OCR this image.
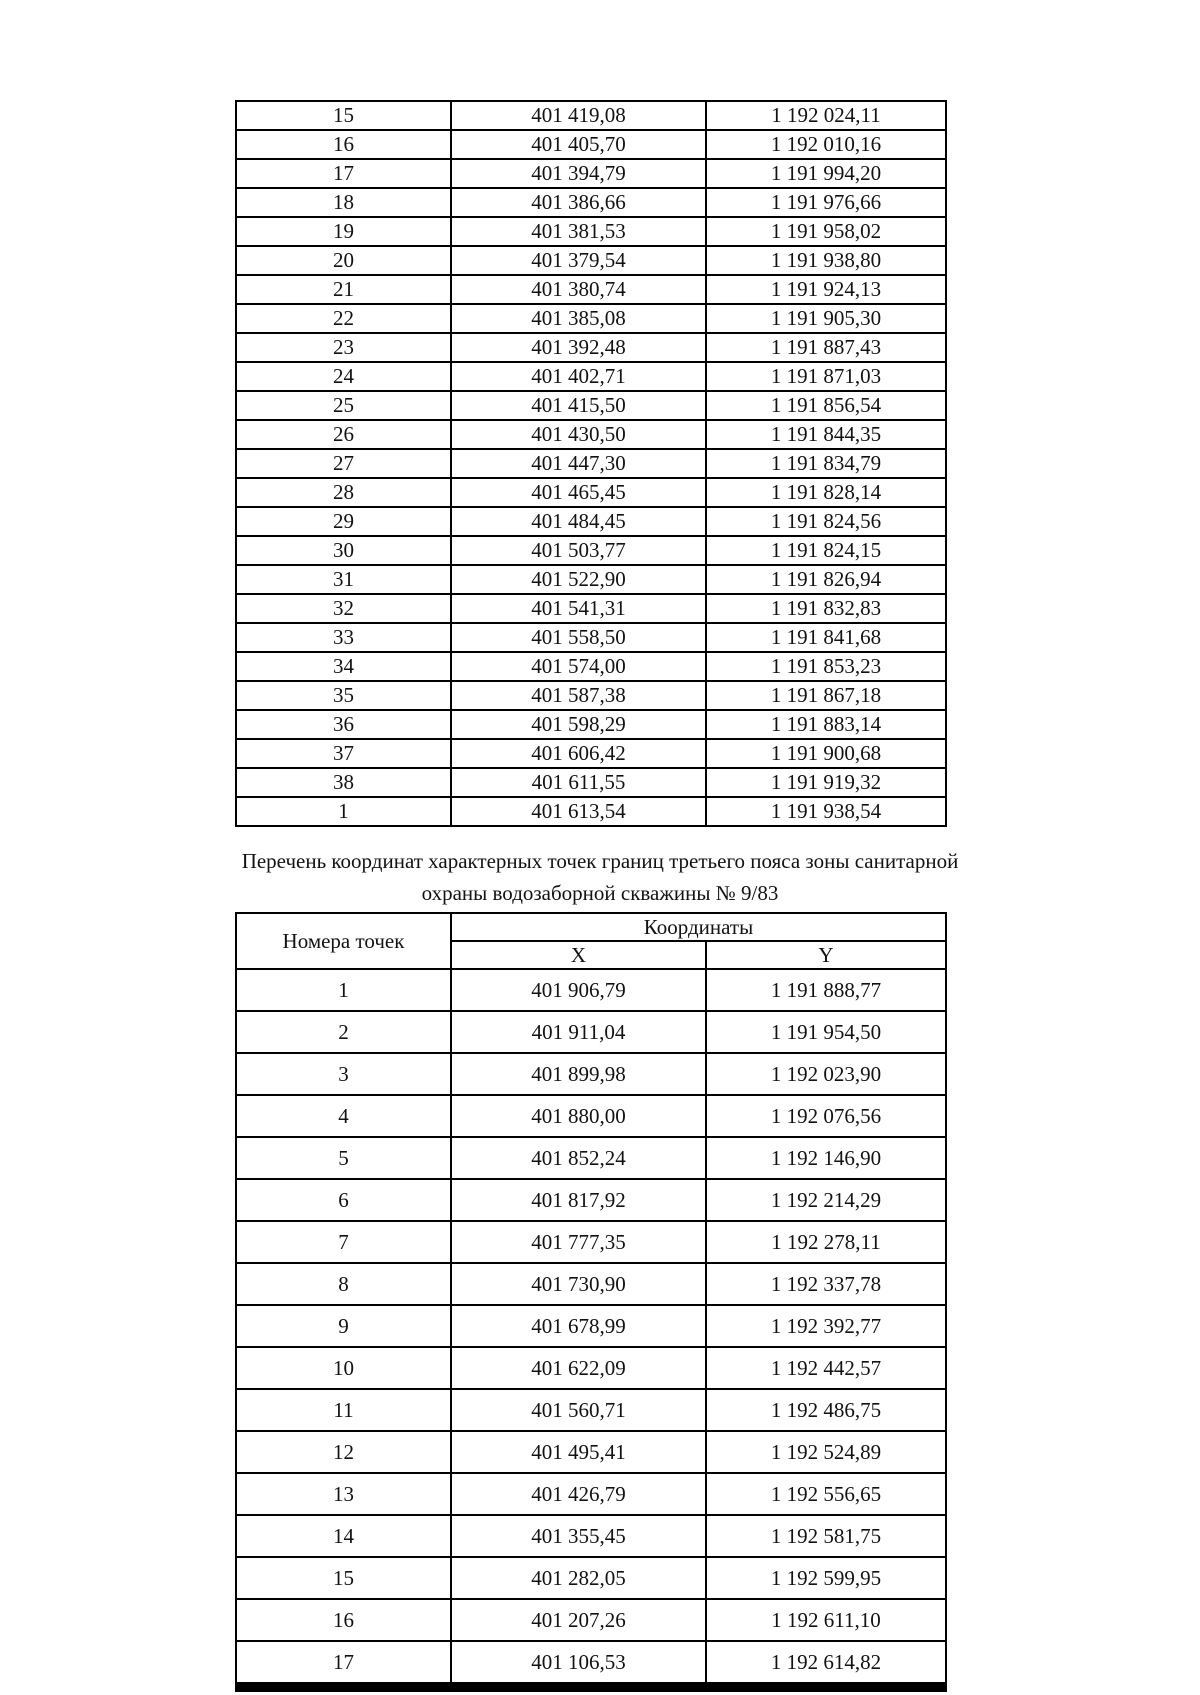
15	401 419,08	1 192 024,11
16	401 405,70	1 192 010,16
17	401 394,79	1 191 994,20
18	401 386,66	1 191 976,66
19	401 381,53	1 191 958,02
20	401 379,54	1 191 938,80
21	401 380,74	1 191 924,13
22	401 385,08	1 191 905,30
23	401 392,48	1 191 887,43
24	401 402,71	1 191 871,03
25	401 415,50	1 191 856,54
26	401 430,50	1 191 844,35
27	401 447,30	1 191 834,79
28	401 465,45	1 191 828,14
29	401 484,45	1 191 824,56
30	401 503,77	1 191 824,15
31	401 522,90	1 191 826,94
32	401 541,31	1 191 832,83
33	401 558,50	1 191 841,68
34	401 574,00	1 191 853,23
35	401 587,38	1 191 867,18
36	401 598,29	1 191 883,14
37	401 606,42	1 191 900,68
38	401 611,55	1 191 919,32
1	401 613,54	1 191 938,54
Перечень координат характерных точек границ третьего пояса зоны санитарной
охраны водозаборной скважины № 9/83
Номера точек	Координаты	
	X	Y
1	401 906,79	1 191 888,77
2	401 911,04	1 191 954,50
3	401 899,98	1 192 023,90
4	401 880,00	1 192 076,56
5	401 852,24	1 192 146,90
6	401 817,92	1 192 214,29
7	401 777,35	1 192 278,11
8	401 730,90	1 192 337,78
9	401 678,99	1 192 392,77
10	401 622,09	1 192 442,57
11	401 560,71	1 192 486,75
12	401 495,41	1 192 524,89
13	401 426,79	1 192 556,65
14	401 355,45	1 192 581,75
15	401 282,05	1 192 599,95
16	401 207,26	1 192 611,10
17	401 106,53	1 192 614,82
